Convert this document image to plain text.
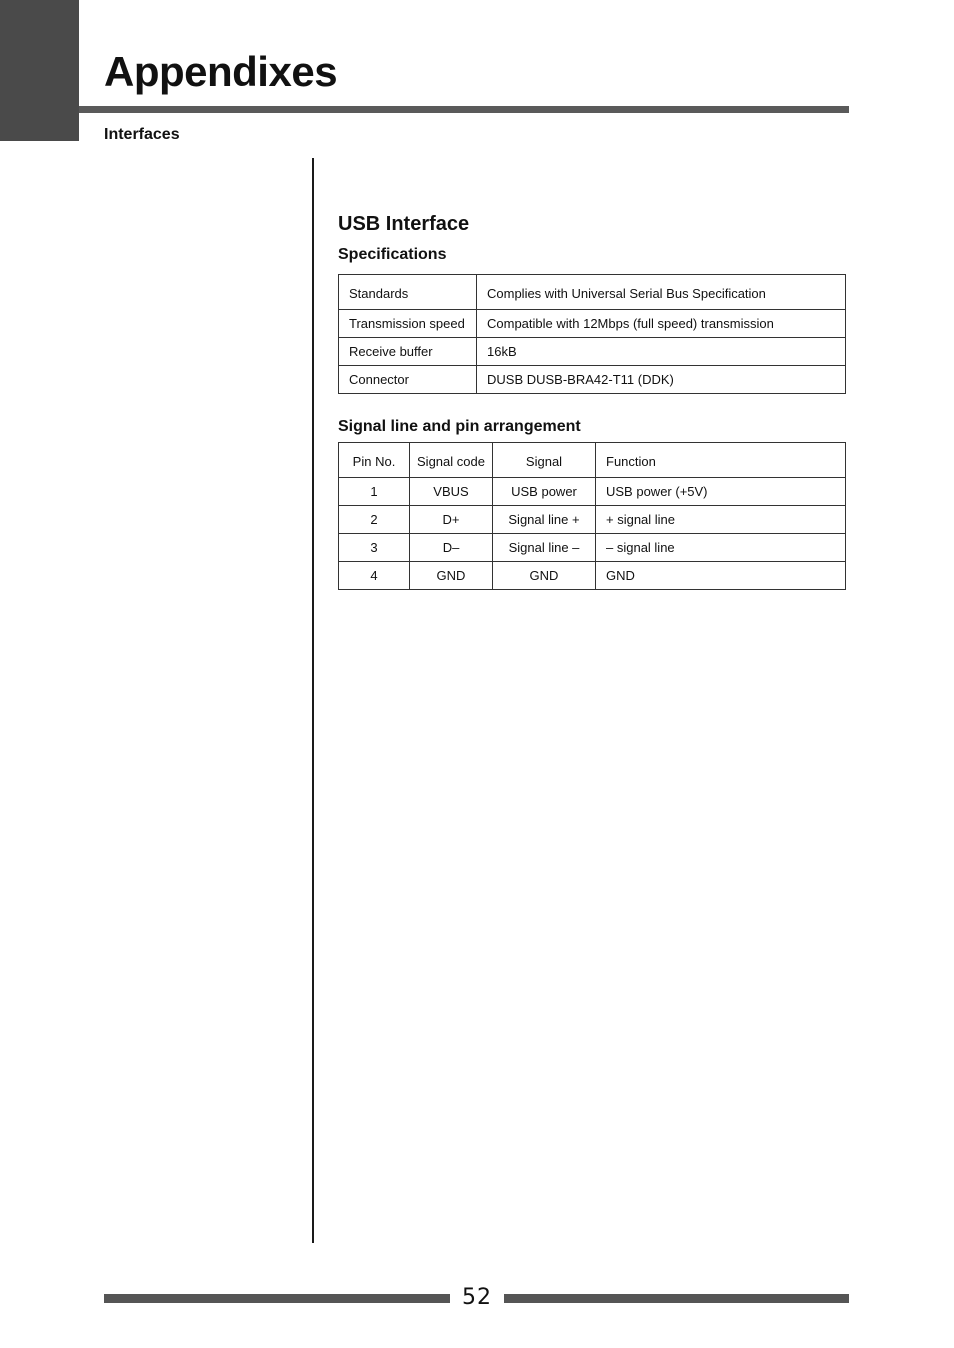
Appendixes
Interfaces
USB Interface
Specifications
Standards	Complies with Universal Serial Bus Specification
Transmission speed	Compatible with 12Mbps (full speed) transmission
Receive buffer	16kB
Connector	DUSB DUSB-BRA42-T11 (DDK)
Signal line and pin arrangement
Pin No.	Signal code	Signal	Function
1	VBUS	USB power	USB power (+5V)
2	D+	Signal line +	+ signal line
3	D–	Signal line –	– signal line
4	GND	GND	GND
52
